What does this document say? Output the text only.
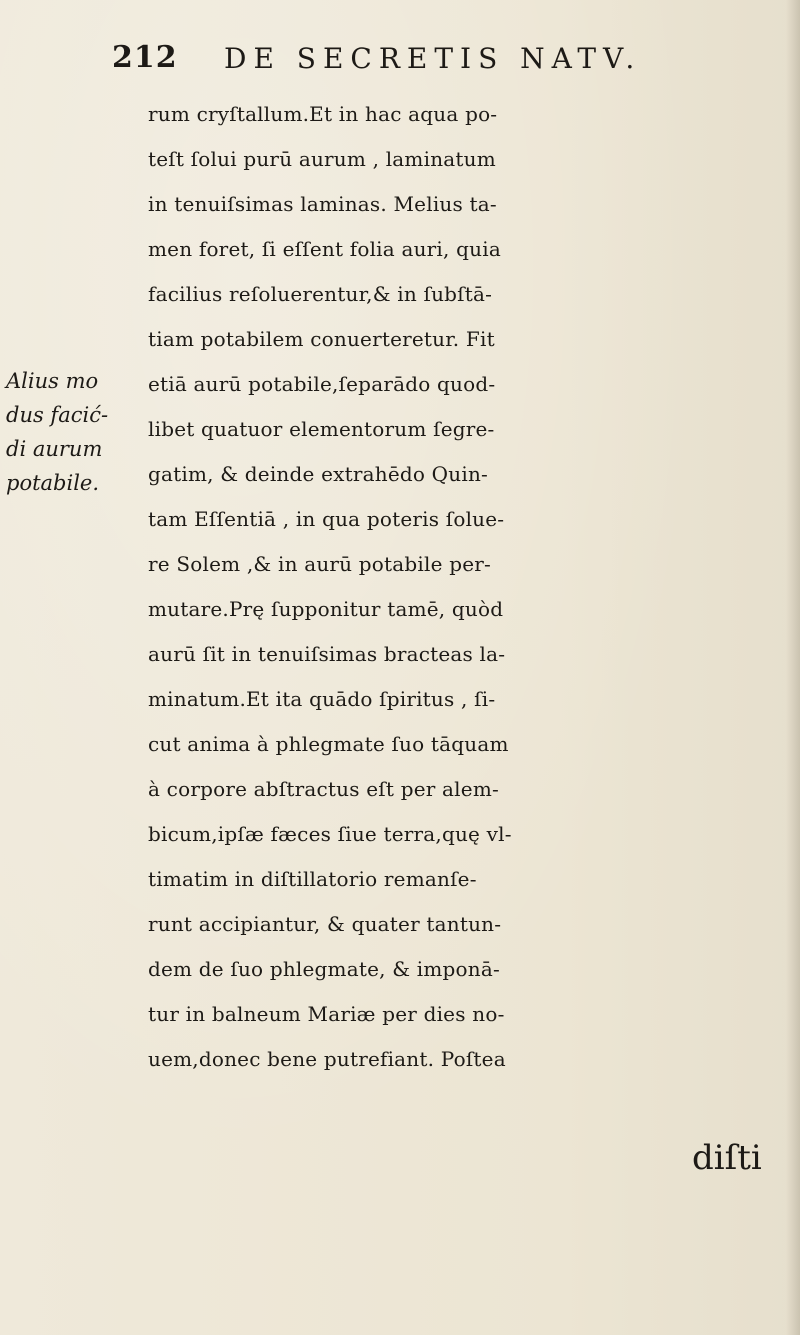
212 DE SECRETIS NATV.
Alius mo
dus facić-
di aurum
potabile.
rum cryſtallum.Et in hac aqua po-
teſt ſolui purū aurum , laminatum
in tenuiſsimas laminas. Melius ta-
men foret, ſi eſſent folia auri, quia
facilius reſoluerentur,& in ſubſtā-
tiam potabilem conuerteretur. Fit
etiā aurū potabile,ſeparādo quod-
libet quatuor elementorum ſegre-
gatim, & deinde extrahēdo Quin-
tam Eſſentiā , in qua poteris ſolue-
re Solem ,& in aurū potabile per-
mutare.Prę ſupponitur tamē, quòd
aurū ſit in tenuiſsimas bracteas la-
minatum.Et ita quādo ſpiritus , ſi-
cut anima à phlegmate ſuo tāquam
à corpore abſtractus eſt per alem-
bicum,ipſæ fæces ſiue terra,quę vl-
timatim in diſtillatorio remanſe-
runt accipiantur, & quater tantun-
dem de ſuo phlegmate, & imponā-
tur in balneum Mariæ per dies no-
uem,donec bene putrefiant. Poſtea
diſti
